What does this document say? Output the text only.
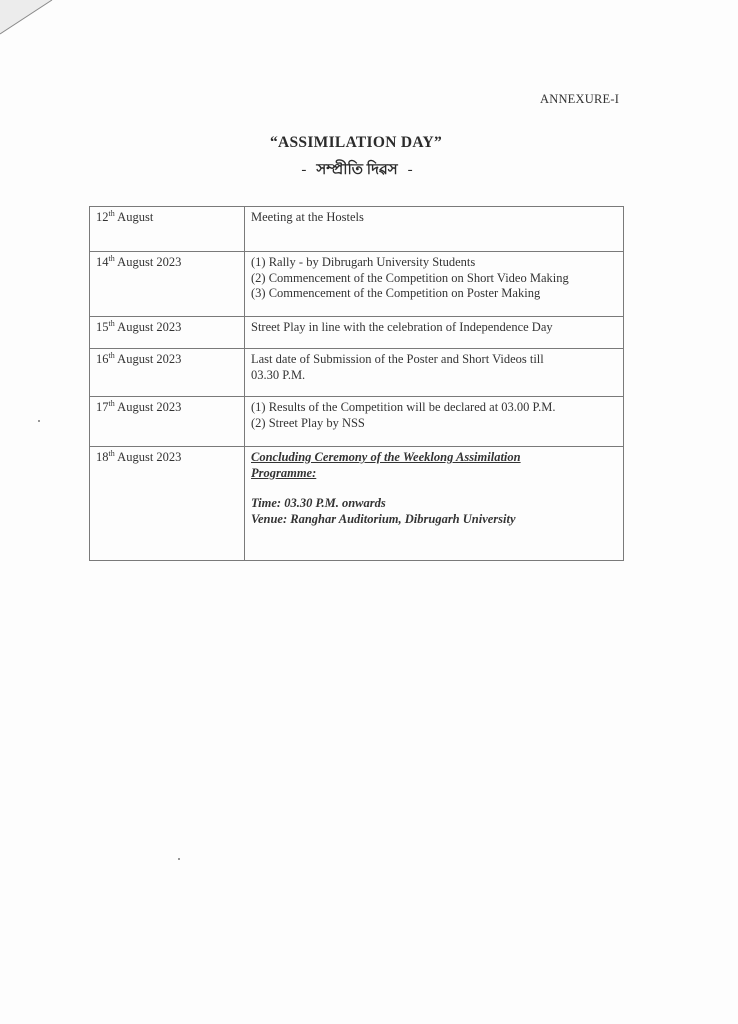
ANNEXURE-I
“ASSIMILATION DAY”
- সম্প্ৰীতি দিৱস -
12th August	Meeting at the Hostels

14th August 2023	(1) Rally - by Dibrugarh University Students
(2) Commencement of the Competition on Short Video Making
(3) Commencement of the Competition on Poster Making

15th August 2023	Street Play in line with the celebration of Independence Day

16th August 2023	Last date of Submission of the Poster and Short Videos till
03.30 P.M.

17th August 2023	(1) Results of the Competition will be declared at 03.00 P.M.
(2) Street Play by NSS

18th August 2023	Concluding Ceremony of the Weeklong Assimilation
Programme:
Time: 03.30 P.M. onwards
Venue: Ranghar Auditorium, Dibrugarh University
